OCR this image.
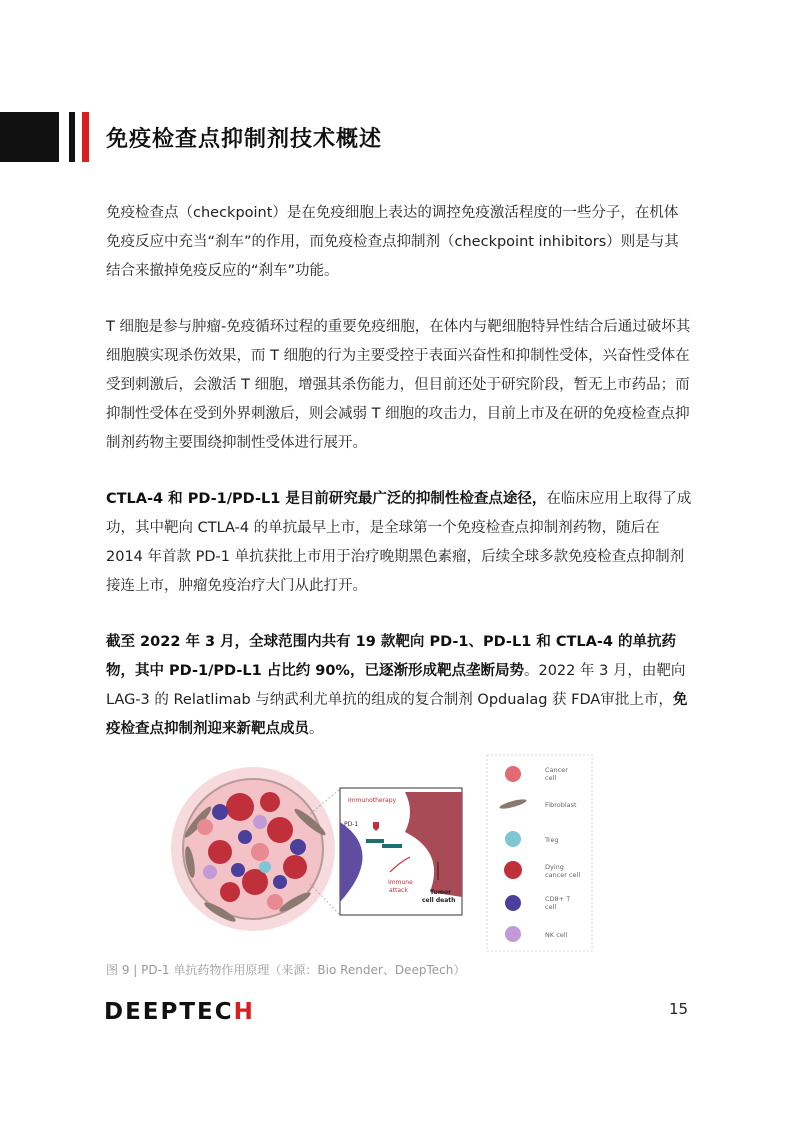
免疫检查点抑制剂技术概述

免疫检查点（checkpoint）是在免疫细胞上表达的调控免疫激活程度的一些分子，在机体免疫反应中充当“刹车”的作用，而免疫检查点抑制剂（checkpoint inhibitors）则是与其结合来撤掉免疫反应的“刹车”功能。

T 细胞是参与肿瘤-免疫循环过程的重要免疫细胞，在体内与靶细胞特异性结合后通过破坏其细胞膜实现杀伤效果，而 T 细胞的行为主要受控于表面兴奋性和抑制性受体，兴奋性受体在受到刺激后，会激活 T 细胞，增强其杀伤能力，但目前还处于研究阶段，暂无上市药品；而抑制性受体在受到外界刺激后，则会减弱 T 细胞的攻击力，目前上市及在研的免疫检查点抑制剂药物主要围绕抑制性受体进行展开。

CTLA-4 和 PD-1/PD-L1 是目前研究最广泛的抑制性检查点途径，在临床应用上取得了成功，其中靶向 CTLA-4 的单抗最早上市，是全球第一个免疫检查点抑制剂药物，随后在 2014 年首款 PD-1 单抗获批上市用于治疗晚期黑色素瘤，后续全球多款免疫检查点抑制剂接连上市，肿瘤免疫治疗大门从此打开。

截至 2022 年 3 月，全球范围内共有 19 款靶向 PD-1、PD-L1 和 CTLA-4 的单抗药物，其中 PD-1/PD-L1 占比约 90%，已逐渐形成靶点垄断局势。2022 年 3 月，由靶向 LAG-3 的 Relatlimab 与纳武利尤单抗的组成的复合制剂 Opdualag 获 FDA审批上市，免疫检查点抑制剂迎来新靶点成员。

Immunotherapy
PD-1
Immune
attack	Tumor
cell death
Cancer
cell
Fibroblast
Treg
Dying
cancer cell
CD8+ T
cell
NK cell
图 9 | PD-1 单抗药物作用原理（来源：Bio Render、DeepTech）
DEEPTECH	15
